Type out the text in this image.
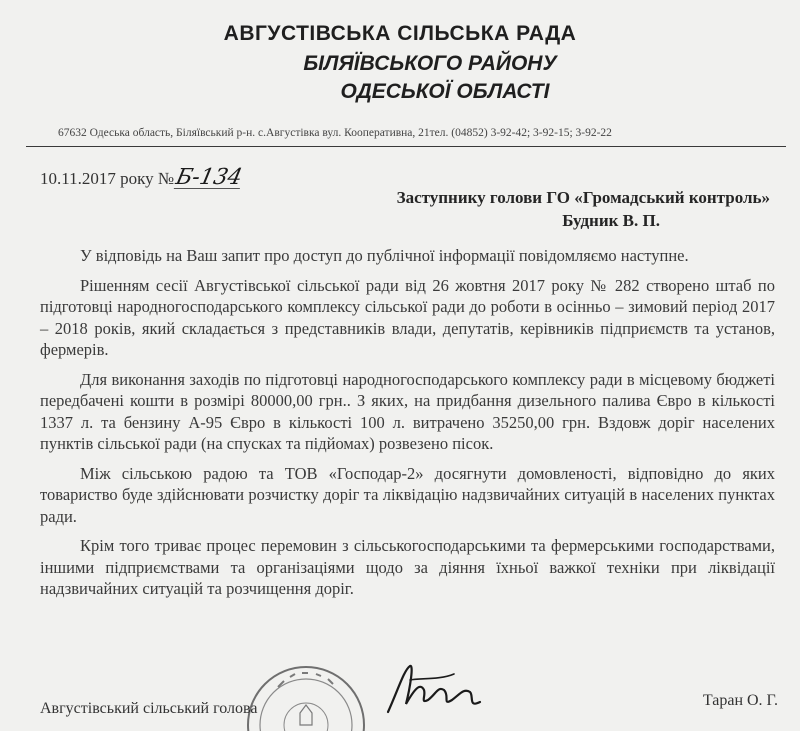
АВГУСТІВСЬКА СІЛЬСЬКА РАДА
БІЛЯЇВСЬКОГО РАЙОНУ
ОДЕСЬКОЇ ОБЛАСТІ
67632 Одеська область, Біляївський р-н. с.Августівка вул. Кооперативна, 21тел. (04852) 3-92-42; 3-92-15; 3-92-22
10.11.2017 року №Б-134
Заступнику голови ГО «Громадський контроль»
Будник В. П.

У відповідь на Ваш запит про доступ до публічної інформації повідомляємо наступне.

Рішенням сесії Августівської сільської ради від 26 жовтня 2017 року № 282 створено штаб по підготовці народногосподарського комплексу сільської ради до роботи в осінньо – зимовий період 2017 – 2018 років, який складається з представників влади, депутатів, керівників підприємств та установ, фермерів.

Для виконання заходів по підготовці народногосподарського комплексу ради в місцевому бюджеті передбачені кошти в розмірі 80000,00 грн.. З яких, на придбання дизельного палива Євро в кількості 1337 л. та бензину А-95 Євро в кількості 100 л. витрачено 35250,00 грн. Вздовж доріг населених пунктів сільської ради (на спусках та підйомах) розвезено пісок.

Між сільською радою та ТОВ «Господар-2» досягнути домовленості, відповідно до яких товариство буде здійснювати розчистку доріг та ліквідацію надзвичайних ситуацій в населених пунктах ради.

Крім того триває процес перемовин з сільськогосподарськими та фермерськими господарствами, іншими підприємствами та організаціями щодо за діяння їхньої важкої техніки при ліквідації надзвичайних ситуацій та розчищення доріг.

Августівський сільський голова	Таран О. Г.
